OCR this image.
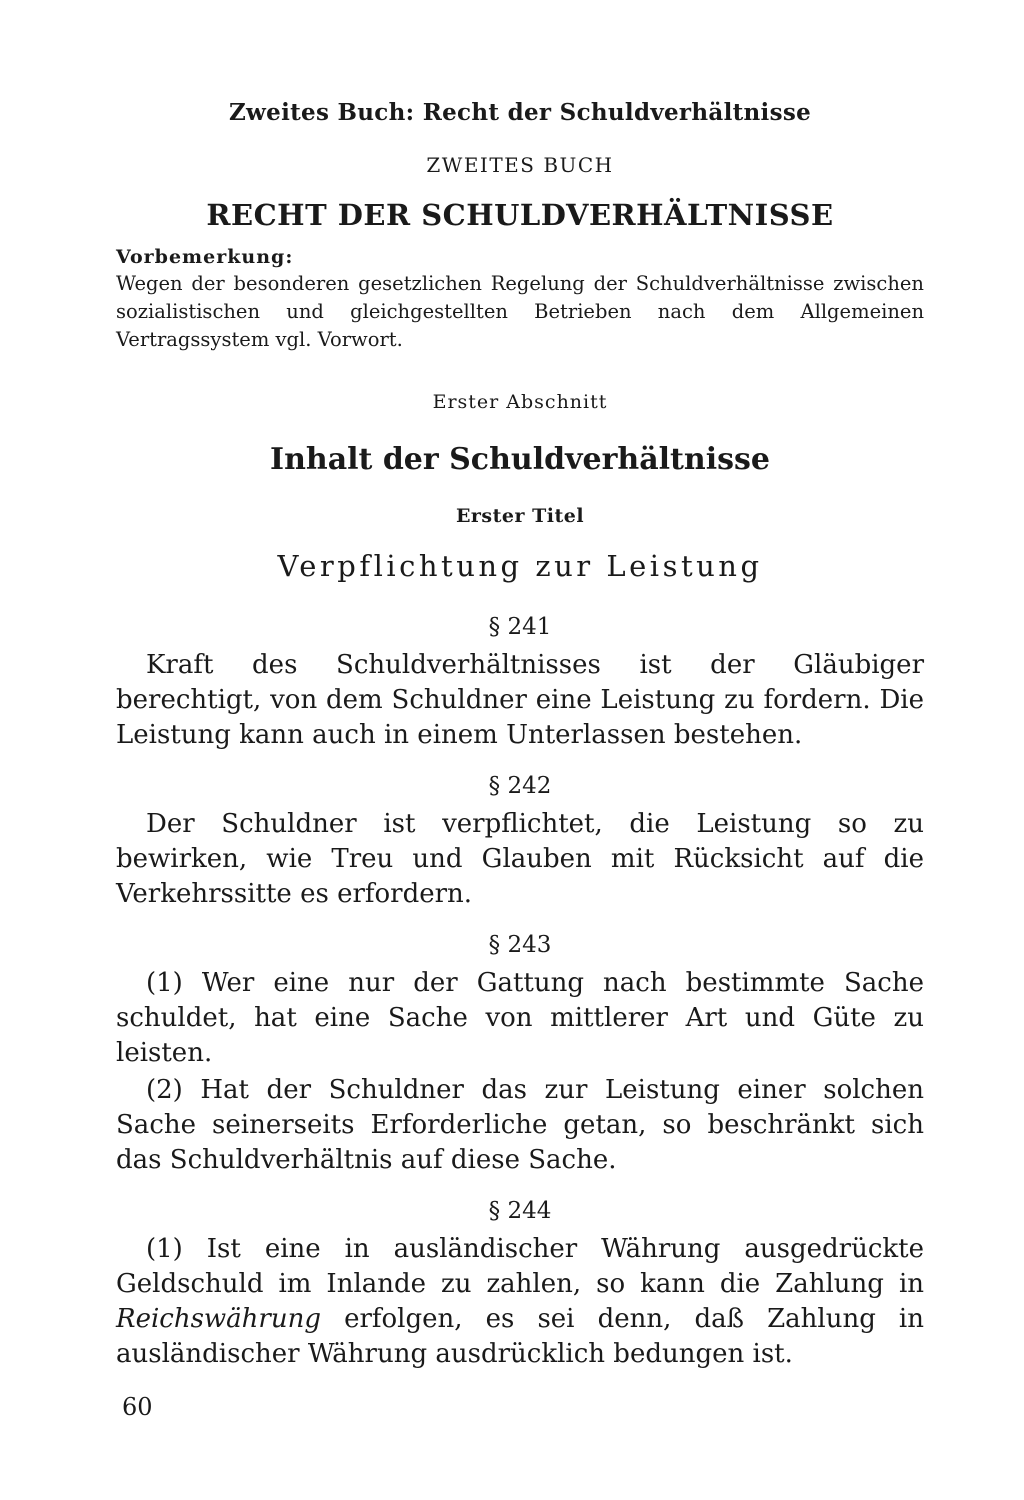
Zweites Buch: Recht der Schuldverhältnisse
ZWEITES BUCH
RECHT DER SCHULDVERHÄLTNISSE
Vorbemerkung:

Wegen der besonderen gesetzlichen Regelung der Schuldverhältnisse zwischen sozialistischen und gleichgestellten Betrieben nach dem Allgemeinen Vertragssystem vgl. Vorwort.

Erster Abschnitt
Inhalt der Schuldverhältnisse
Erster Titel
Verpflichtung zur Leistung
§ 241

Kraft des Schuldverhältnisses ist der Gläubiger berechtigt, von dem Schuldner eine Leistung zu fordern. Die Leistung kann auch in einem Unterlassen bestehen.

§ 242

Der Schuldner ist verpflichtet, die Leistung so zu bewirken, wie Treu und Glauben mit Rücksicht auf die Verkehrssitte es erfordern.

§ 243

(1) Wer eine nur der Gattung nach bestimmte Sache schuldet, hat eine Sache von mittlerer Art und Güte zu leisten.

(2) Hat der Schuldner das zur Leistung einer solchen Sache seinerseits Erforderliche getan, so beschränkt sich das Schuldverhältnis auf diese Sache.

§ 244

(1) Ist eine in ausländischer Währung ausgedrückte Geldschuld im Inlande zu zahlen, so kann die Zahlung in Reichswährung erfolgen, es sei denn, daß Zahlung in ausländischer Währung ausdrücklich bedungen ist.

60
